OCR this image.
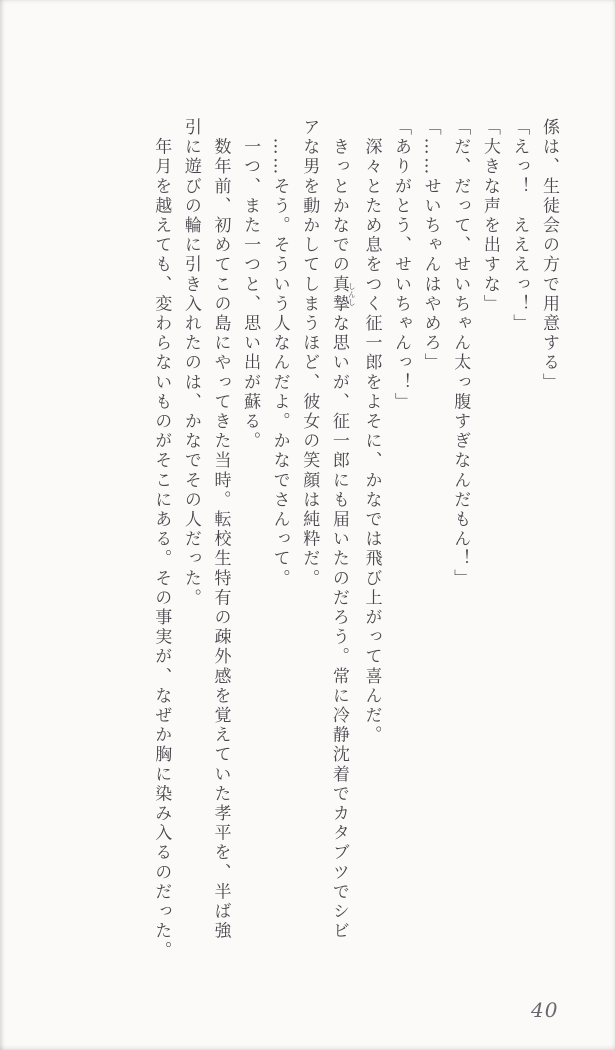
係は、生徒会の方で用意する」

「えっ！　えええっ！」

「大きな声を出すな」

「だ、だって、せいちゃん太っ腹すぎなんだもん！」

「……せいちゃんはやめろ」

「ありがとう、せいちゃんっ！」

　深々とため息をつく征一郎をよそに、かなでは飛び上がって喜んだ。

　きっとかなでの真摯しんしな思いが、征一郎にも届いたのだろう。常に冷静沈着でカタブツでシビ

アな男を動かしてしまうほど、彼女の笑顔は純粋だ。

　……そう。そういう人なんだよ。かなでさんって。

　一つ、また一つと、思い出が蘇る。

　数年前、初めてこの島にやってきた当時。転校生特有の疎外感を覚えていた孝平を、半ば強

引に遊びの輪に引き入れたのは、かなでその人だった。

　年月を越えても、変わらないものがそこにある。その事実が、なぜか胸に染み入るのだった。

40
